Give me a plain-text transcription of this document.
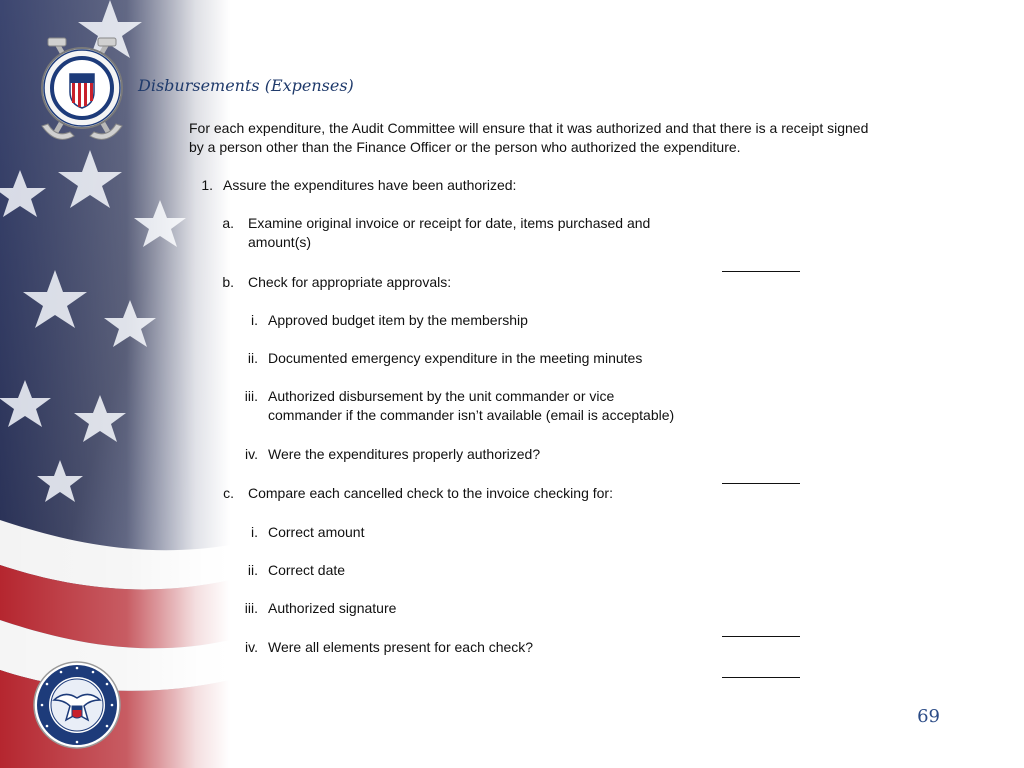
Disbursements (Expenses)
For each expenditure, the Audit Committee will ensure that it was authorized and that there is a receipt signed
by a person other than the Finance Officer or the person who authorized the expenditure.
1. Assure the expenditures have been authorized:
a. Examine original invoice or receipt for date, items purchased and
amount(s)
b. Check for appropriate approvals:
i. Approved budget item by the membership
ii. Documented emergency expenditure in the meeting minutes
iii. Authorized disbursement by the unit commander or vice
commander if the commander isn’t available (email is acceptable)
iv. Were the expenditures properly authorized?
c. Compare each cancelled check to the invoice checking for:
i. Correct amount
ii. Correct date
iii. Authorized signature
iv. Were all elements present for each check?
69
